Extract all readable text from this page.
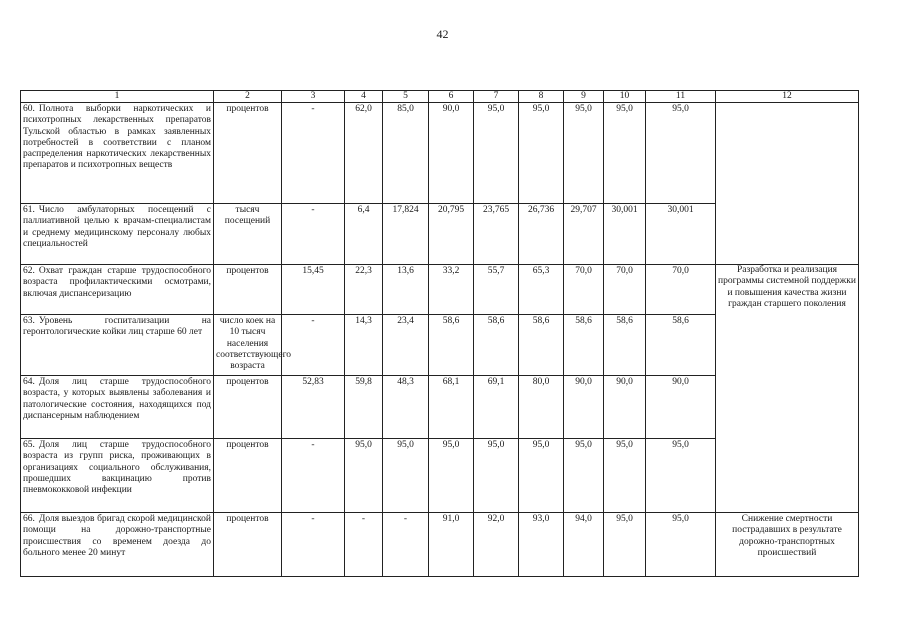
42
1	2	3	4	5	6	7	8	9	10	11	12
60. Полнота выборки наркотических и психотропных лекарственных препаратов Тульской областью в рамках заявленных потребностей в соответствии с планом распределения наркотических лекарственных препаратов и психотропных веществ	процентов	-	62,0	85,0	90,0	95,0	95,0	95,0	95,0	95,0	
61. Число амбулаторных посещений с паллиативной целью к врачам-специалистам и среднему медицинскому персоналу любых специальностей	тысяч посещений	-	6,4	17,824	20,795	23,765	26,736	29,707	30,001	30,001	
62. Охват граждан старше трудоспособного возраста профилактическими осмотрами, включая диспансеризацию	процентов	15,45	22,3	13,6	33,2	55,7	65,3	70,0	70,0	70,0	Разработка и реализация программы системной поддержки и повышения качества жизни граждан старшего поколения

63. Уровень госпитализации на геронтологические койки лиц старше 60 лет	число коек на 10 тысяч населения соответствующего возраста	-	14,3	23,4	58,6	58,6	58,6	58,6	58,6	58,6	
64. Доля лиц старше трудоспособного возраста, у которых выявлены заболевания и патологические состояния, находящихся под диспансерным наблюдением	процентов	52,83	59,8	48,3	68,1	69,1	80,0	90,0	90,0	90,0	
65. Доля лиц старше трудоспособного возраста из групп риска, проживающих в организациях социального обслуживания, прошедших вакцинацию против пневмококковой инфекции	процентов	-	95,0	95,0	95,0	95,0	95,0	95,0	95,0	95,0	
66. Доля выездов бригад скорой медицинской помощи на дорожно-транспортные происшествия со временем доезда до больного менее 20 минут	процентов	-	-	-	91,0	92,0	93,0	94,0	95,0	95,0	Снижение смертности пострадавших в результате дорожно-транспортных происшествий
